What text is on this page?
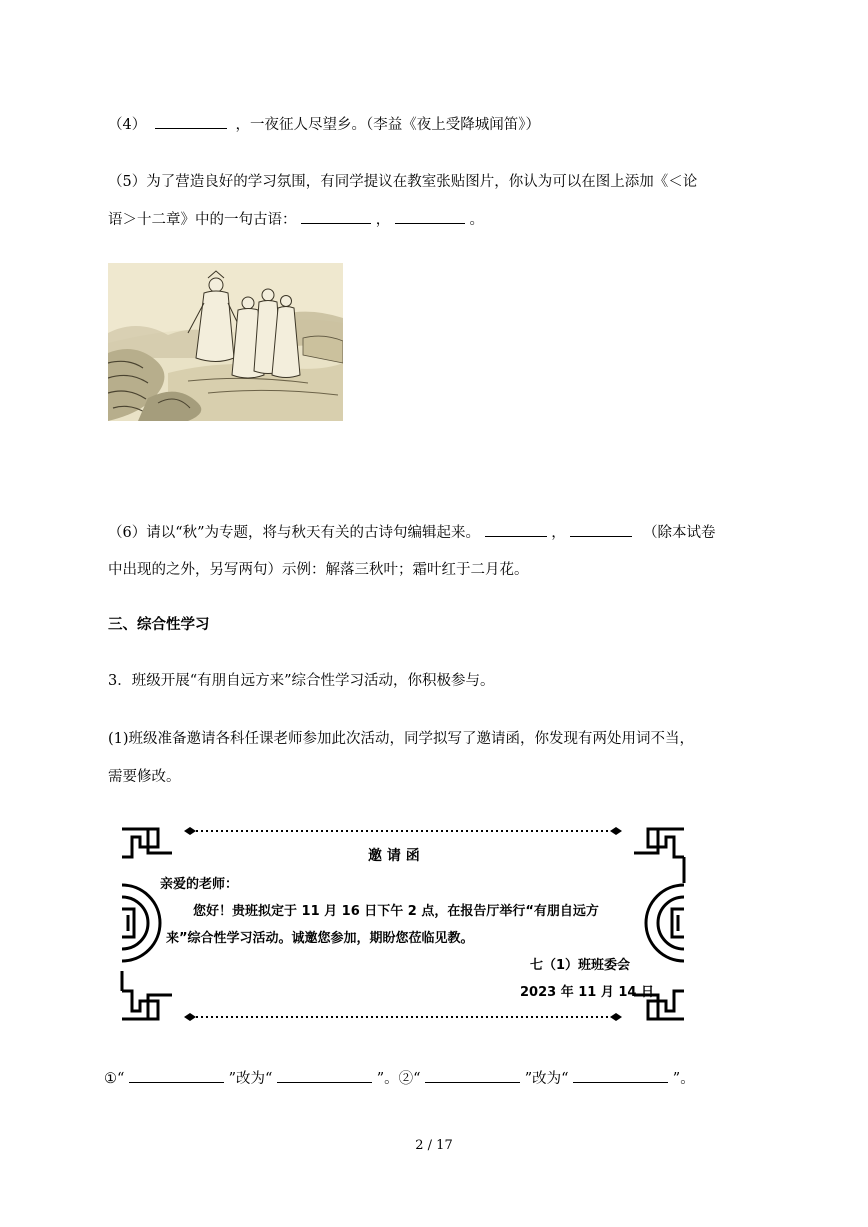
（4）	，一夜征人尽望乡。（李益《夜上受降城闻笛》）
（5）为了营造良好的学习氛围，有同学提议在教室张贴图片，你认为可以在图上添加《＜论
语＞十二章》中的一句古语：	，	。
（6）请以“秋”为专题，将与秋天有关的古诗句编辑起来。	，	（除本试卷
中出现的之外，另写两句）示例：解落三秋叶；霜叶红于二月花。
三、综合性学习
3．班级开展“有朋自远方来”综合性学习活动，你积极参与。
(1)班级准备邀请各科任课老师参加此次活动，同学拟写了邀请函，你发现有两处用词不当，
需要修改。
邀 请 函
亲爱的老师：
您好！贵班拟定于 11 月 16 日下午 2 点，在报告厅举行“有朋自远方
来”综合性学习活动。诚邀您参加，期盼您莅临见教。
七（1）班班委会
2023 年 11 月 14 日
①“	”改为“	”。②“	”改为“	”。
2 / 17
